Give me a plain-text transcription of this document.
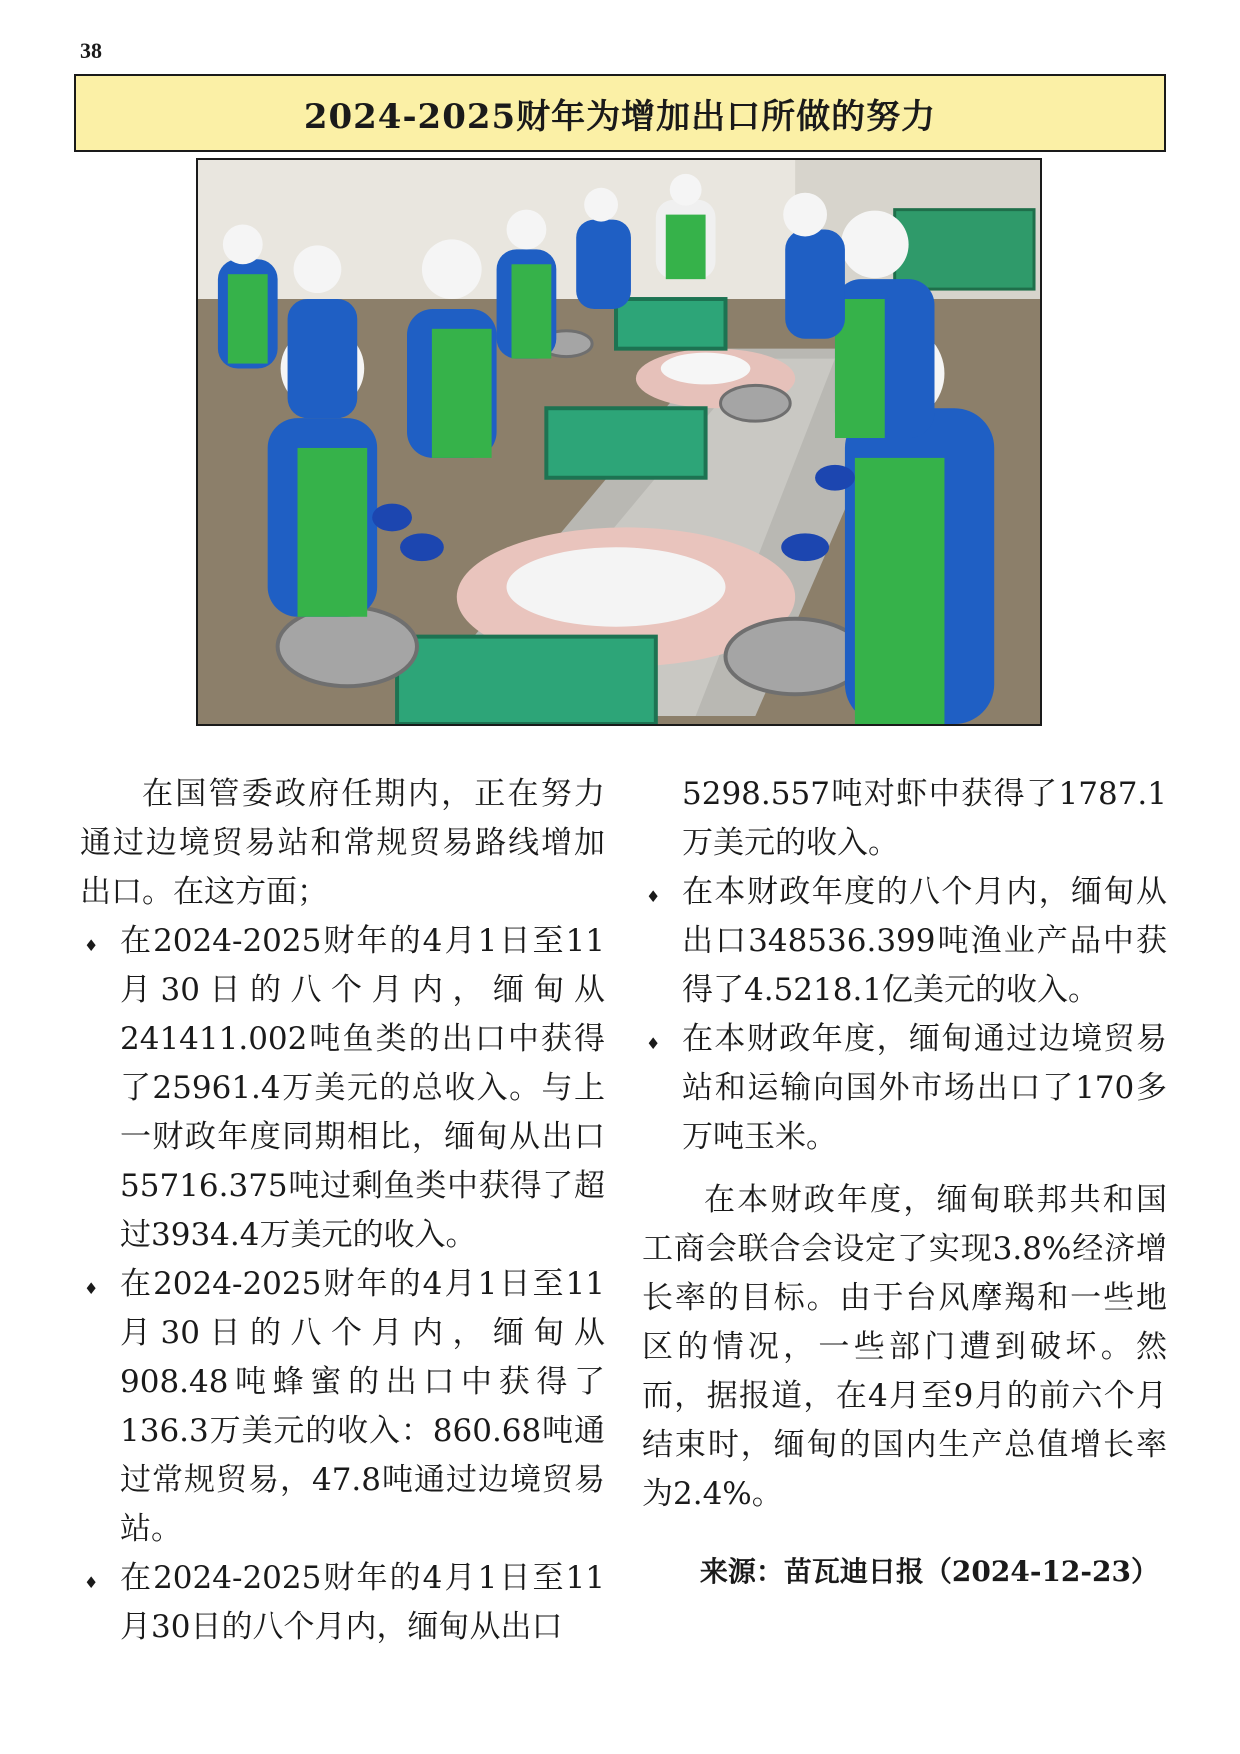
38
2024-2025财年为增加出口所做的努力

在国管委政府任期内，正在努力通过边境贸易站和常规贸易路线增加出口。在这方面；

♦ 在2024-2025财年的4月1日至11月30日的八个月内，缅甸从241411.002吨鱼类的出口中获得了25961.4万美元的总收入。与上一财政年度同期相比，缅甸从出口55716.375吨过剩鱼类中获得了超过3934.4万美元的收入。
♦ 在2024-2025财年的4月1日至11月30日的八个月内，缅甸从908.48吨蜂蜜的出口中获得了136.3万美元的收入：860.68吨通过常规贸易，47.8吨通过边境贸易站。
♦ 在2024-2025财年的4月1日至11月30日的八个月内，缅甸从出口

5298.557吨对虾中获得了1787.1万美元的收入。

♦ 在本财政年度的八个月内，缅甸从出口348536.399吨渔业产品中获得了4.5218.1亿美元的收入。
♦ 在本财政年度，缅甸通过边境贸易站和运输向国外市场出口了170多万吨玉米。

在本财政年度，缅甸联邦共和国工商会联合会设定了实现3.8%经济增长率的目标。由于台风摩羯和一些地区的情况，一些部门遭到破坏。然而，据报道，在4月至9月的前六个月结束时，缅甸的国内生产总值增长率为2.4%。

来源：苗瓦迪日报（2024-12-23）
